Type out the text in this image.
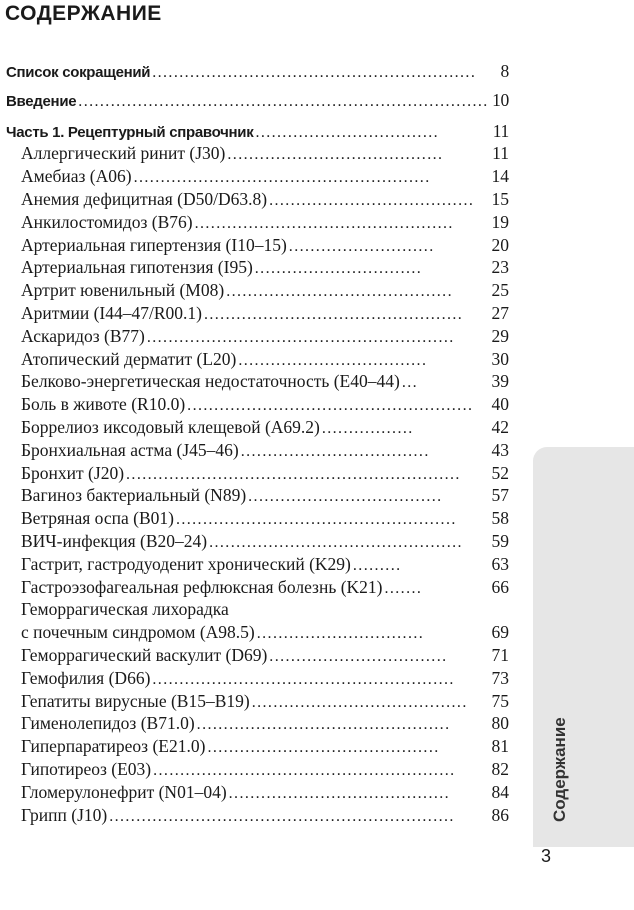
СОДЕРЖАНИЕ
Список сокращений ............................................................	8
Введение ............................................................................ 10
Часть 1. Рецептурный справочник ..................................	11
Аллергический ринит (J30) ........................................	11
Амебиаз (A06) .......................................................	14
Анемия дефицитная (D50/D63.8) ...................................... 15
Анкилостомидоз (B76) ................................................	19
Артериальная гипертензия (I10–15) ...........................	20
Артериальная гипотензия (I95) ...............................	23
Артрит ювенильный (M08) ..........................................	25
Аритмии (I44–47/R00.1) ................................................	27
Аскаридоз (B77) .........................................................	29
Атопический дерматит (L20) ...................................	30
Белково-энергетическая недостаточность (E40–44) ...	39
Боль в животе (R10.0) .....................................................	40
Боррелиоз иксодовый клещевой (A69.2) .................	42
Бронхиальная астма (J45–46) ...................................	43
Бронхит (J20) ..............................................................	52
Вагиноз бактериальный (N89) ....................................	57
Ветряная оспа (B01) ....................................................	58
ВИЧ-инфекция (B20–24) ...............................................	59
Гастрит, гастродуоденит хронический (K29) .........	63
Гастроэзофагеальная рефлюксная болезнь (K21) .......	66
Геморрагическая лихорадка
с почечным синдромом (A98.5) ...............................	69
Геморрагический васкулит (D69) .................................	71
Гемофилия (D66) ........................................................	73
Гепатиты вирусные (B15–B19) ........................................	75
Гименолепидоз (B71.0) ...............................................	80
Гиперпаратиреоз (E21.0) ...........................................	81
Гипотиреоз (E03) ........................................................	82
Гломерулонефрит (N01–04) .........................................	84
Грипп (J10) ................................................................	86 Содержание
3
